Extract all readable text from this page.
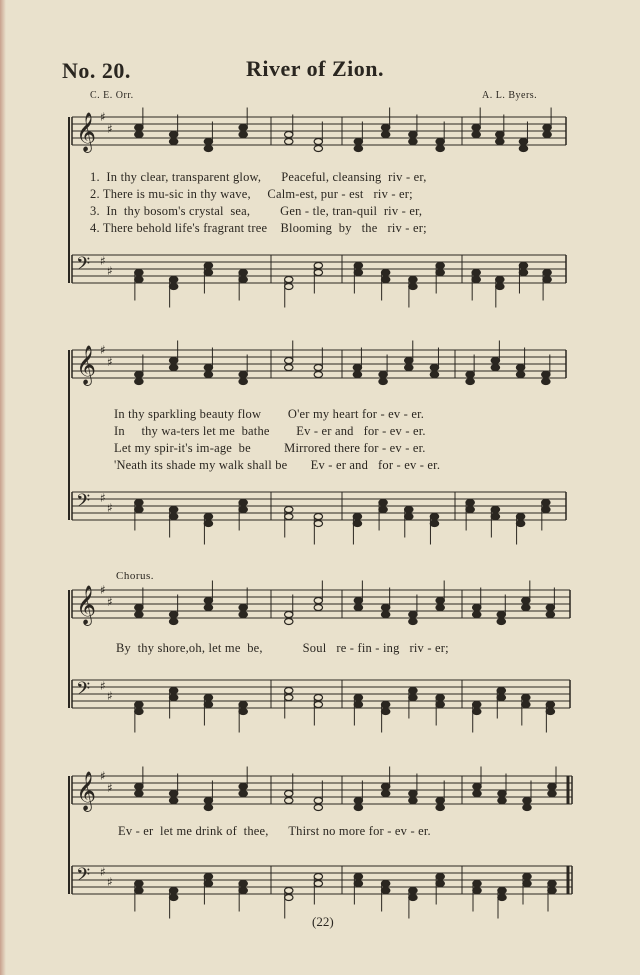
No. 20.	River of Zion.
C. E. Orr.	A. L. Byers.
𝄞 ♯
♯
𝄢 ♯
♯
𝄞 ♯
♯
𝄢 ♯
♯
𝄞 ♯
♯
𝄢 ♯
♯
𝄞 ♯
♯
𝄢 ♯
♯
1.  In thy clear, transparent glow,      Peaceful, cleansing  riv - er,
2. There is mu-sic in thy wave,     Calm-est, pur - est   riv - er;
3.  In  thy bosom's crystal  sea,         Gen - tle, tran-quil  riv - er,
4. There behold life's fragrant tree    Blooming  by   the   riv - er;
In thy sparkling beauty flow        O'er my heart for - ev - er.
In     thy wa-ters let me  bathe        Ev - er and   for - ev - er.
Let my spir-it's im-age  be          Mirrored there for - ev - er.
'Neath its shade my walk shall be       Ev - er and   for - ev - er.
Chorus.
By  thy shore,oh, let me  be,            Soul   re - fin - ing   riv - er;
Ev - er  let me drink of  thee,      Thirst no more for - ev - er.
(22)
